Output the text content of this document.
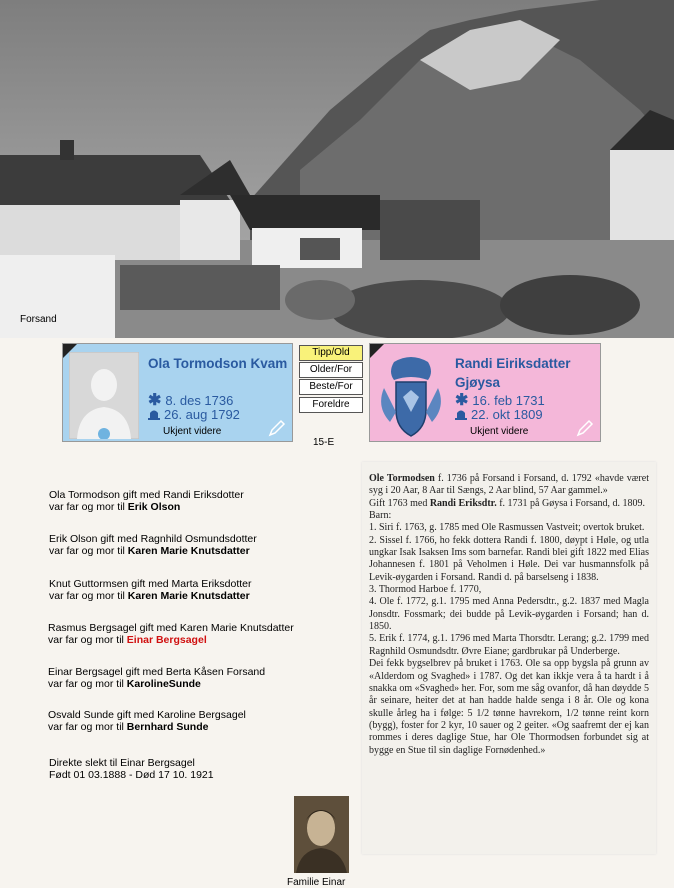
Forsand
Ola Tormodson Kvam
✱ 8. des 1736
26. aug 1792
Ukjent videre
Tipp/Old
Older/For
Beste/For
Foreldre
15-E
Randi Eiriksdatter Gjøysa
✱ 16. feb 1731
22. okt 1809
Ukjent videre
Ola Tormodson gift med Randi Eriksdotter
var far og mor til Erik Olson
Erik Olson gift med Ragnhild Osmundsdotter
var far og mor til Karen Marie Knutsdatter
Knut Guttormsen gift med Marta Eriksdotter
var far og mor til Karen Marie Knutsdatter
Rasmus Bergsagel gift med Karen Marie Knutsdatter
var far og mor til Einar Bergsagel
Einar Bergsagel gift med Berta Kåsen Forsand
var far og mor til KarolineSunde
Osvald Sunde gift med Karoline Bergsagel
var far og mor til Bernhard Sunde
Direkte slekt til Einar Bergsagel
Født 01 03.1888 - Død 17 10. 1921

Ole Tormodsen f. 1736 på Forsand i Forsand, d. 1792 «havde været syg i 20 Aar, 8 Aar til Sængs, 2 Aar blind, 57 Aar gammel.»

Gift 1763 med Randi Eriksdtr. f. 1731 på Gøysa i Forsand, d. 1809.

Barn:

1. Siri f. 1763, g. 1785 med Ole Rasmussen Vastveit; overtok bruket.

2. Sissel f. 1766, ho fekk dottera Randi f. 1800, døypt i Høle, og utla ungkar Isak Isaksen Ims som barnefar. Randi blei gift 1822 med Elias Johannesen f. 1801 på Veholmen i Høle. Dei var husmannsfolk på Levik-øygarden i Forsand. Randi d. på barselseng i 1838.

3. Thormod Harboe f. 1770,

4. Ole f. 1772, g.1. 1795 med Anna Pedersdtr., g.2. 1837 med Magla Jonsdtr. Fossmark; dei budde på Levik-øygarden i Forsand; han d. 1850.

5. Erik f. 1774, g.1. 1796 med Marta Thorsdtr. Lerang; g.2. 1799 med Ragnhild Osmundsdtr. Øvre Eiane; gardbrukar på Underberge.

Dei fekk bygselbrev på bruket i 1763. Ole sa opp bygsla på grunn av «Alderdom og Svaghed» i 1787. Og det kan ikkje vera å ta hardt i å snakka om «Svaghed» her. For, som me såg ovanfor, då han døydde 5 år seinare, heiter det at han hadde halde senga i 8 år. Ole og kona skulle årleg ha i følge: 5 1/2 tønne havrekorn, 1/2 tønne reint korn (bygg), foster for 2 kyr, 10 sauer og 2 geiter. «Og saafremt der ej kan rommes i deres daglige Stue, har Ole Thormodsen forbundet sig at bygge en Stue til sin daglige Fornødenhed.»

Familie Einar
